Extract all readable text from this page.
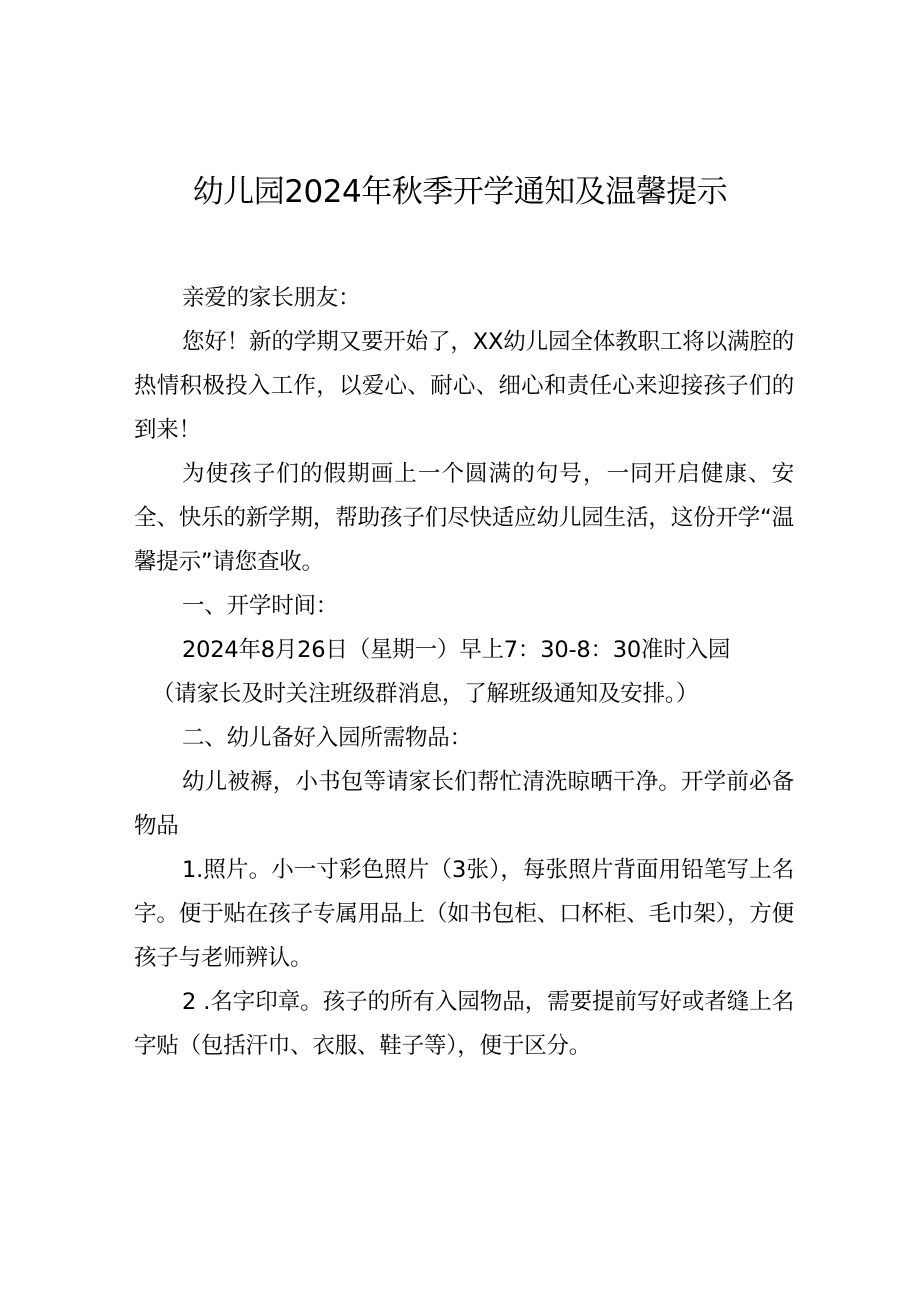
幼儿园2024年秋季开学通知及温馨提示

亲爱的家长朋友：

您好！新的学期又要开始了，XX幼儿园全体教职工将以满腔的热情积极投入工作，以爱心、耐心、细心和责任心来迎接孩子们的到来！

为使孩子们的假期画上一个圆满的句号，一同开启健康、安全、快乐的新学期，帮助孩子们尽快适应幼儿园生活，这份开学“温馨提示”请您查收。

一、开学时间：

2024年8月26日（星期一）早上7：30-8：30准时入园

（请家长及时关注班级群消息，了解班级通知及安排。）

二、幼儿备好入园所需物品：

幼儿被褥，小书包等请家长们帮忙清洗晾晒干净。开学前必备物品

1.照片。小一寸彩色照片（3张），每张照片背面用铅笔写上名字。便于贴在孩子专属用品上（如书包柜、口杯柜、毛巾架），方便孩子与老师辨认。

2 .名字印章。孩子的所有入园物品，需要提前写好或者缝上名字贴（包括汗巾、衣服、鞋子等），便于区分。
